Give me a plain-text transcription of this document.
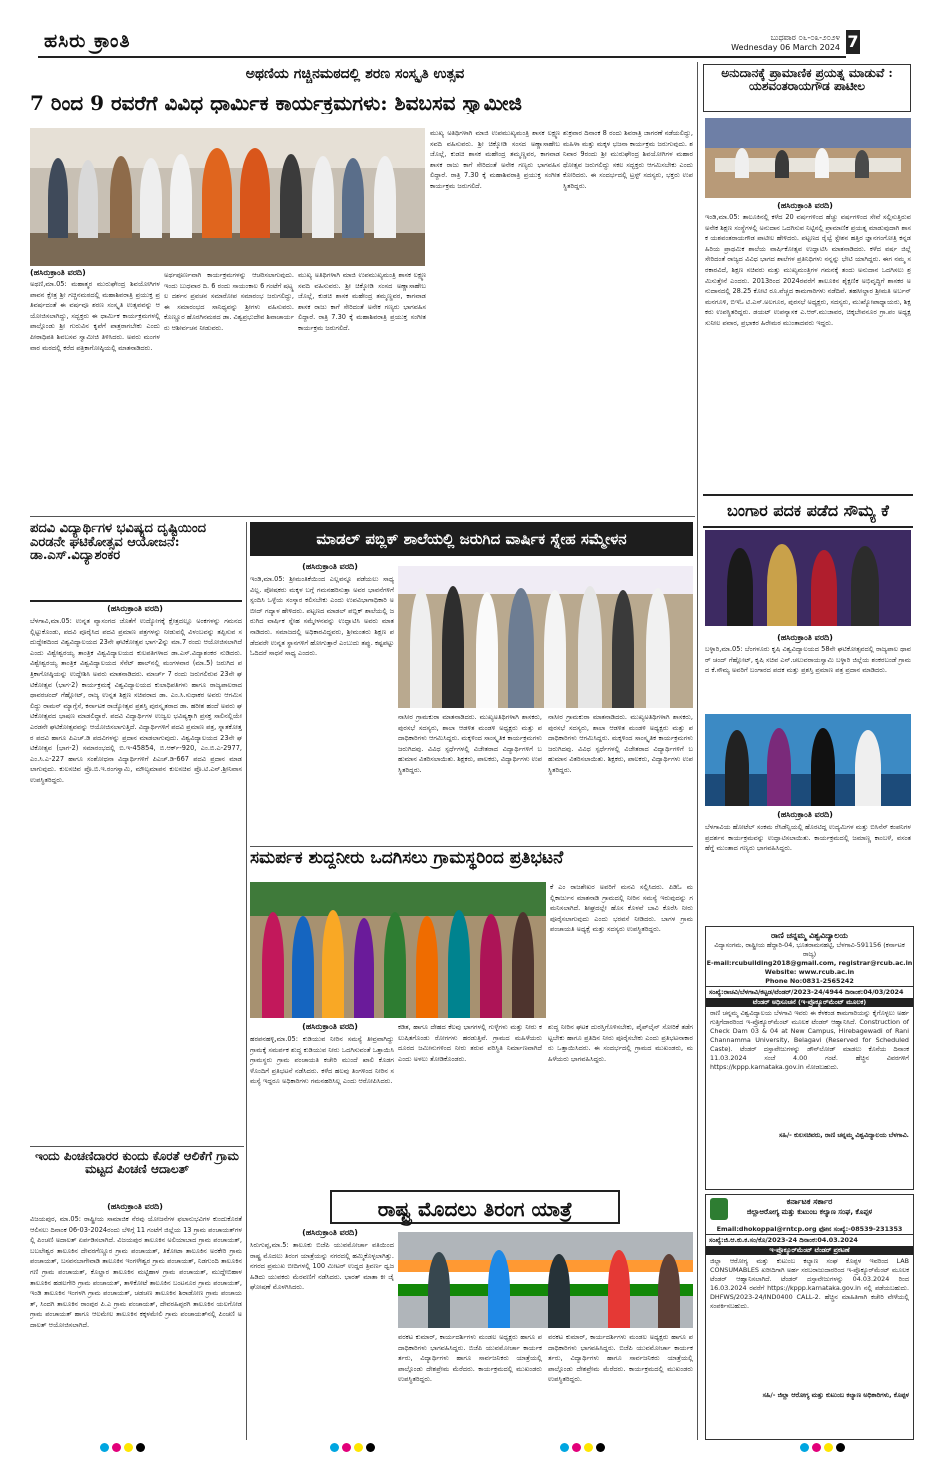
ಹಸಿರು ಕ್ರಾಂತಿ	ಬುಧವಾರ ೦೬-೦೩-೨೦೨೪
Wednesday 06 March 2024 7
ಅಥಣಿಯ ಗಚ್ಚಿನಮಠದಲ್ಲಿ ಶರಣ ಸಂಸ್ಕೃತಿ ಉತ್ಸವ
7 ರಿಂದ 9 ರವರೆಗೆ ವಿವಿಧ ಧಾರ್ಮಿಕ ಕಾರ್ಯಕ್ರಮಗಳು: ಶಿವಬಸವ ಸ್ವಾಮೀಜಿ
ಮುಖ್ಯ ಅತಿಥಿಗಳಾಗಿ ಮಾಜಿ ಉಪಮುಖ್ಯಮಂತ್ರಿ ಶಾಸಕ ಲಕ್ಷ್ಮಣ ಸವದಿ ವಹಿಸುವರು. ಶ್ರೀ ಚಿಕ್ಕೋಡಿ ಸಂಸದ ಅಣ್ಣಾಸಾಹೇಬ ಜೊಲ್ಲೆ, ಕುಡಚಿ ಶಾಸಕ ಮಹೇಂದ್ರ ತಮ್ಮಣ್ಣವರ, ಕಾಗವಾಡ ಶಾಸಕ ರಾಜು ಕಾಗೆ ಸೇರಿದಂತೆ ಅನೇಕ ಗಣ್ಯರು ಭಾಗವಹಿಸಲಿದ್ದಾರೆ. ರಾತ್ರಿ 7.30 ಕ್ಕೆ ಮಹಾಶಿವರಾತ್ರಿ ಪ್ರಯುಕ್ತ ಸಂಗೀತ ಕಾರ್ಯಕ್ರಮ ಜರುಗಲಿದೆ.
ಶುಕ್ರವಾರ ದಿನಾಂಕ 8 ರಂದು ಶಿವರಾತ್ರಿ ಜಾಗರಣೆ ನಡೆಯಲಿದ್ದು, ಮಹಿಳಾ ಮತ್ತು ಮಕ್ಕಳ ಭಜನಾ ಕಾರ್ಯಕ್ರಮ ಜರುಗುವುದು. ಶನಿವಾರ 9ರಂದು ಶ್ರೀ ಮುರುಘೇಂದ್ರ ಶಿವಯೋಗಿಗಳ ಮಹಾರಥೋತ್ಸವ ಜರುಗಲಿದ್ದು ಸಕಲ ಸದ್ಭಕ್ತರು ಆಗಮಿಸಬೇಕು ಎಂದು ಕೋರಿದರು. ಈ ಸಂದರ್ಭದಲ್ಲಿ ಟ್ರಸ್ಟ್ ಸದಸ್ಯರು, ಭಕ್ತರು ಉಪಸ್ಥಿತರಿದ್ದರು.
(ಹಸಿರುಕ್ರಾಂತಿ ವರದಿ)
ಅಥಣಿ,ಮಾ.05: ಮಹಾತ್ಮರ ಮುರುಘೇಂದ್ರ ಶಿವಯೋಗಿಗಳ ಪಾವನ ಕ್ಷೇತ್ರ ಶ್ರೀ ಗಚ್ಚಿನಮಠದಲ್ಲಿ ಮಹಾಶಿವರಾತ್ರಿ ಪ್ರಯುಕ್ತ ಪ್ರತಿವರ್ಷದಂತೆ ಈ ವರ್ಷವೂ ಶರಣ ಸಂಸ್ಕೃತಿ ಉತ್ಸವವನ್ನು ಆಯೋಜಿಸಲಾಗಿದ್ದು, ಸದ್ಭಕ್ತರು ಈ ಧಾರ್ಮಿಕ ಕಾರ್ಯಕ್ರಮಗಳಲ್ಲಿ ಪಾಲ್ಗೊಂಡು ಶ್ರೀ ಗುರುವಿನ ಕೃಪೆಗೆ ಪಾತ್ರರಾಗಬೇಕು ಎಂದು ಪೀಠಾಧಿಪತಿ ಶಿವಬಸವ ಸ್ವಾಮೀಜಿ ತಿಳಿಸಿದರು. ಅವರು ಮಂಗಳವಾರ ಮಠದಲ್ಲಿ ಕರೆದ ಪತ್ರಿಕಾಗೋಷ್ಠಿಯಲ್ಲಿ ಮಾತನಾಡಿದರು.
ಅರ್ಥಪೂರ್ಣವಾಗಿ ಕಾರ್ಯಕ್ರಮಗಳನ್ನು ಆಚರಿಸಲಾಗುವುದು. ಇಂದು ಬುಧವಾರ ದಿ. 6 ರಂದು ಸಾಯಂಕಾಲ 6 ಗಂಟೆಗೆ ಷಟ್ಸ್ಥಲ ದರ್ಶನ ಪ್ರವಚನ ಸಮಾರೋಪ ಸಮಾರಂಭ ಜರುಗಲಿದ್ದು, ಈ ಸಮಾರಂಭದ ಸಾನಿಧ್ಯವನ್ನು ಶ್ರೀಗಳು ವಹಿಸುವರು. ಕೊಣ್ಣೂರ ಹೊರಗಿನಮಠದ ಡಾ. ವಿಶ್ವಪ್ರಭುದೇವ ಶಿವಾಚಾರ್ಯರು ಆಶೀರ್ವಚನ ನೀಡುವರು.
ಮುಖ್ಯ ಅತಿಥಿಗಳಾಗಿ ಮಾಜಿ ಉಪಮುಖ್ಯಮಂತ್ರಿ ಶಾಸಕ ಲಕ್ಷ್ಮಣ ಸವದಿ ವಹಿಸುವರು. ಶ್ರೀ ಚಿಕ್ಕೋಡಿ ಸಂಸದ ಅಣ್ಣಾಸಾಹೇಬ ಜೊಲ್ಲೆ, ಕುಡಚಿ ಶಾಸಕ ಮಹೇಂದ್ರ ತಮ್ಮಣ್ಣವರ, ಕಾಗವಾಡ ಶಾಸಕ ರಾಜು ಕಾಗೆ ಸೇರಿದಂತೆ ಅನೇಕ ಗಣ್ಯರು ಭಾಗವಹಿಸಲಿದ್ದಾರೆ. ರಾತ್ರಿ 7.30 ಕ್ಕೆ ಮಹಾಶಿವರಾತ್ರಿ ಪ್ರಯುಕ್ತ ಸಂಗೀತ ಕಾರ್ಯಕ್ರಮ ಜರುಗಲಿದೆ.
ಅನುದಾನಕ್ಕೆ ಪ್ರಾಮಾಣಿಕ ಪ್ರಯತ್ನ ಮಾಡುವೆ : ಯಶವಂತರಾಯಗೌಡ ಪಾಟೀಲ
(ಹಸಿರುಕ್ರಾಂತಿ ವರದಿ)
ಇಂಡಿ,ಮಾ.05: ತಾಲೂಕಿನಲ್ಲಿ ಕಳೆದ 20 ವರ್ಷಗಳಿಂದ ಹೆಚ್ಚು ವರ್ಷಗಳಿಂದ ಸೇವೆ ಸಲ್ಲಿಸುತ್ತಿರುವ ಅನೇಕ ಶಿಕ್ಷಣ ಸಂಸ್ಥೆಗಳಲ್ಲಿ ಅನುದಾನ ಒದಗಿಸುವ ನಿಟ್ಟಿನಲ್ಲಿ ಪ್ರಾಮಾಣಿಕ ಪ್ರಯತ್ನ ಮಾಡುವುದಾಗಿ ಶಾಸಕ ಯಶವಂತರಾಯಗೌಡ ಪಾಟೀಲ ಹೇಳಿದರು. ಪಟ್ಟಣದ ರೈಲ್ವೆ ಸ್ಟೇಶನ ಹತ್ತಿರ ಜ್ಞಾನಗಂಗೋತ್ರಿ ಕನ್ನಡ ಹಿರಿಯ ಪ್ರಾಥಮಿಕ ಶಾಲೆಯ ವಾರ್ಷಿಕೋತ್ಸವ ಉದ್ಘಾಟಿಸಿ ಮಾತನಾಡಿದರು. ಕಳೆದ ವರ್ಷ ಜಿಲ್ಲೆ ಸೇರಿದಂತೆ ರಾಜ್ಯದ ವಿವಿಧ ಭಾಗದ ಶಾಲೆಗಳ ಪ್ರತಿನಿಧಿಗಳು ನನ್ನನ್ನು ಭೇಟಿ ಯಾಗಿದ್ದರು. ಈಗ ನಮ್ಮ ಸರಕಾರವಿದೆ, ಶಿಕ್ಷಣ ಸಚಿವರು ಮತ್ತು ಮುಖ್ಯಮಂತ್ರಿಗಳ ಗಮನಕ್ಕೆ ತಂದು ಅನುದಾನ ಒದಗಿಸಲು ಶ್ರಮಿಸುತ್ತೇನೆ ಎಂದರು. 2013ರಿಂದ 2024ರವರೆಗೆ ತಾಲೂಕಿನ ಶೈಕ್ಷಣಿಕ ಅಭಿವೃದ್ಧಿಗೆ ಶಾಸಕರ ಅನುದಾನದಲ್ಲಿ 28.25 ಕೋಟಿ ರೂ.ವೆಚ್ಚದ ಕಾಮಗಾರಿಗಳು ನಡೆದಿವೆ. ತಹಸೀಲ್ದಾರ ಶ್ರೀಮತಿ ಅರ್ಬನ್ ಮನಗೂಳಿ, ಬಿಇಓ ಟಿ.ಎಸ್.ಅಲಗೂರ, ಪುರಸಭೆ ಅಧ್ಯಕ್ಷರು, ಸದಸ್ಯರು, ಮುಖ್ಯೋಪಾಧ್ಯಾಯರು, ಶಿಕ್ಷಕರು ಉಪಸ್ಥಿತರಿದ್ದರು. ಡಯಟ್ ಉಪನ್ಯಾಸಕ ಎ.ಆರ್.ಮುಜಾವರ, ಚಿಕ್ಕಬೇವನೂರ ಗ್ರಾ.ಪಂ ಅಧ್ಯಕ್ಷ ಸುನೀಲ ಪವಾರ, ಪ್ರಭಾಕರ ಹಿರೇಮಠ ಮುಂತಾದವರು ಇದ್ದರು.
ಬಂಗಾರ ಪದಕ ಪಡೆದ ಸೌಮ್ಯ ಕೆ
(ಹಸಿರುಕ್ರಾಂತಿ ವರದಿ)
ಬಳ್ಳಾರಿ,ಮಾ.05: ಬೆಂಗಳೂರು ಕೃಷಿ ವಿಶ್ವವಿದ್ಯಾಲಯದ 58ನೇ ಘಟಿಕೋತ್ಸವದಲ್ಲಿ ರಾಜ್ಯಪಾಲ ಥಾವರ್ ಚಂದ್ ಗೆಹ್ಲೋಟ್, ಕೃಷಿ ಸಚಿವ ಎನ್.ಚಲುವರಾಯಸ್ವಾಮಿ ಬಳ್ಳಾರಿ ಜಿಲ್ಲೆಯ ಶಂಕರಬಂಡೆ ಗ್ರಾಮದ ಕೆ.ಸೌಮ್ಯ ಅವರಿಗೆ ಬಂಗಾರದ ಪದಕ ಮತ್ತು ಪ್ರಶಸ್ತಿ ಪ್ರಮಾಣ ಪತ್ರ ಪ್ರದಾನ ಮಾಡಿದರು.
(ಹಸಿರುಕ್ರಾಂತಿ ವರದಿ)
ಬೆಳಗಾವಿಯ ಹೋಟೆಲ್ ಸಂಕಮ ರೆಸಿಡೆನ್ಸಿಯಲ್ಲಿ ಹೊರಟಿದ್ದ ಉದ್ಯಮಿಗಳ ಮತ್ತು ಬಿಸಿನೆಸ್ ಕಂಪನಿಗಳ ಪ್ರದರ್ಶನ ಕಾರ್ಯಕ್ರಮವನ್ನು ಉದ್ಘಾಟಿಸಲಾಯಿತು. ಕಾರ್ಯಕ್ರಮದಲ್ಲಿ ಜಮಾಣ್ಣ ಕಾಂಬಳೆ, ವಸಂತ ಹೆಗ್ಡೆ ಮುಂತಾದ ಗಣ್ಯರು ಭಾಗವಹಿಸಿದ್ದರು.
ರಾಣಿ ಚನ್ನಮ್ಮ ವಿಶ್ವವಿದ್ಯಾಲಯ
ವಿದ್ಯಾಸಂಗಮ, ರಾಷ್ಟ್ರೀಯ ಹೆದ್ದಾರಿ-04, ಭೂತರಾಮನಹಟ್ಟಿ, ಬೆಳಗಾವಿ-591156 (ಕರ್ನಾಟಕ ರಾಜ್ಯ)
E-mail:rcubuilding2018@gmail.com, registrar@rcub.ac.in
Website: www.rcub.ac.in
Phone No:0831-2565242
ಸಂಖ್ಯೆ:ರಾಚವಿ/ಬೆಳಗಾವಿ/ಕಟ್ಟಡ/ಟೆಂಡರ್/2023-24/4944 ದಿನಾಂಕ:04/03/2024
ಟೆಂಡರ್ ಅಧಿಸೂಚನೆ (ಇ-ಪ್ರೊಕ್ಯೂರ್‌ಮೆಂಟ್ ಮೂಲಕ)
ರಾಣಿ ಚನ್ನಮ್ಮ ವಿಶ್ವವಿದ್ಯಾಲಯ ಬೆಳಗಾವಿ ಇವರು ಈ ಕೆಳಕಂಡ ಕಾಮಗಾರಿಯನ್ನು ಕೈಗೊಳ್ಳಲು ಅರ್ಹ ಗುತ್ತಿಗೆದಾರರಿಂದ ಇ-ಪ್ರೊಕ್ಯೂರ್‌ಮೆಂಟ್ ಮೂಲಕ ಟೆಂಡರ್ ಆಹ್ವಾನಿಸಿದೆ. Construction of Check Dam 03 & 04 at New Campus, Hirebagewadi of Rani Channamma University, Belagavi (Reserved for Scheduled Caste). ಟೆಂಡರ್ ದಸ್ತಾವೇಜುಗಳನ್ನು ಡೌನ್‌ಲೋಡ್ ಮಾಡಲು ಕೊನೆಯ ದಿನಾಂಕ 11.03.2024 ಸಂಜೆ 4.00 ಗಂಟೆ. ಹೆಚ್ಚಿನ ವಿವರಗಳಿಗೆ https://kppp.karnataka.gov.in ನೋಡಬಹುದು.
ಸಹಿ/- ಕುಲಸಚಿವರು, ರಾಣಿ ಚನ್ನಮ್ಮ ವಿಶ್ವವಿದ್ಯಾಲಯ ಬೆಳಗಾವಿ.
ಕರ್ನಾಟಕ ಸರ್ಕಾರ
ಜಿಲ್ಲಾಆರೋಗ್ಯ ಮತ್ತು ಕುಟುಂಬ ಕಲ್ಯಾಣ ಸಂಘ, ಕೊಪ್ಪಳ
Email:dhokoppal@rntcp.org ಫೋನ ಸಂಖ್ಯೆ:-08539-231353
ಸಂಖ್ಯೆ:ಜಿ.ಆ.ಕು.ಕ.ಸಂ/ಕೊ/2023-24 ದಿನಾಂಕ:04.03.2024
ಇ-ಪ್ರೊಕ್ಯೂರ್‌ಮೆಂಟ್ ಟೆಂಡರ್ ಪ್ರಕಟಣೆ
ಜಿಲ್ಲಾ ಆರೋಗ್ಯ ಮತ್ತು ಕುಟುಂಬ ಕಲ್ಯಾಣ ಸಂಘ ಕೊಪ್ಪಳ ಇವರಿಂದ LAB CONSUMABLES ಖರೀದಿಗಾಗಿ ಅರ್ಹ ಸರಬರಾಜುದಾರರಿಂದ ಇ-ಪ್ರೊಕ್ಯೂರ್‌ಮೆಂಟ್ ಮೂಲಕ ಟೆಂಡರ್ ಆಹ್ವಾನಿಸಲಾಗಿದೆ. ಟೆಂಡರ್ ದಸ್ತಾವೇಜುಗಳನ್ನು 04.03.2024 ರಿಂದ 16.03.2024 ರವರೆಗೆ https://kppp.karnataka.gov.in ನಲ್ಲಿ ಪಡೆಯಬಹುದು. DHFWS/2023-24/IND0400 CALL-2. ಹೆಚ್ಚಿನ ಮಾಹಿತಿಗಾಗಿ ಕಚೇರಿ ವೇಳೆಯಲ್ಲಿ ಸಂಪರ್ಕಿಸಬಹುದು.
ಸಹಿ/- ಜಿಲ್ಲಾ ಆರೋಗ್ಯ ಮತ್ತು ಕುಟುಂಬ ಕಲ್ಯಾಣ ಅಧಿಕಾರಿಗಳು, ಕೊಪ್ಪಳ
ಪದವಿ ವಿದ್ಯಾರ್ಥಿಗಳ ಭವಿಷ್ಯದ ದೃಷ್ಟಿಯಿಂದ ಎರಡನೇ ಘಟಿಕೋತ್ಸವ ಆಯೋಜನೆ: ಡಾ.ಎಸ್.ವಿದ್ಯಾಶಂಕರ
(ಹಸಿರುಕ್ರಾಂತಿ ವರದಿ)
ಬೆಳಗಾವಿ,ಮಾ.05: ಉನ್ನತ ವ್ಯಾಸಂಗದ ಜೊತೆಗೆ ಉದ್ಯೋಗಕ್ಕೆ ಕ್ಷೇತ್ರದಲ್ಲೂ ಅಂಕಗಳನ್ನು ಗಮನದಲ್ಲಿಟ್ಟುಕೊಂಡು, ಪದವಿ ಪೂರೈಸಿದ ಪದವಿ ಪ್ರಮಾಣ ಪತ್ರಗಳನ್ನು ನೀಡುವಲ್ಲಿ ವಿಳಂಬವನ್ನು ತಪ್ಪಿಸುವ ಸದುದ್ದೇಶದಿಂದ ವಿಶ್ವವಿದ್ಯಾಲಯದ 23ನೇ ಘಟಿಕೋತ್ಸವ ಭಾಗ-2ನ್ನು ಮಾ.7 ರಂದು ಆಯೋಜಿಸಲಾಗಿದೆ ಎಂದು ವಿಶ್ವೇಶ್ವರಯ್ಯ ತಾಂತ್ರಿಕ ವಿಶ್ವವಿದ್ಯಾಲಯದ ಕುಲಪತಿಗಳಾದ ಡಾ.ಎಸ್.ವಿದ್ಯಾಶಂಕರ ನುಡಿದರು. ವಿಶ್ವೇಶ್ವರಯ್ಯ ತಾಂತ್ರಿಕ ವಿಶ್ವವಿದ್ಯಾಲಯದ ಸೆನೆಟ್ ಹಾಲ್‌ನಲ್ಲಿ ಮಂಗಳವಾರ (ಮಾ.5) ಜರುಗಿದ ಪತ್ರಿಕಾಗೋಷ್ಠಿಯನ್ನು ಉದ್ದೇಶಿಸಿ ಅವರು ಮಾತನಾಡಿದರು. ಮಾರ್ಚ್ 7 ರಂದು ಜರುಗಲಿರುವ 23ನೇ ಘಟಿಕೋತ್ಸವ (ಭಾಗ-2) ಕಾರ್ಯಕ್ರಮಕ್ಕೆ ವಿಶ್ವವಿದ್ಯಾಲಯದ ಕುಲಾಧಿಪತಿಗಳು ಹಾಗೂ ರಾಜ್ಯಪಾಲರಾದ ಥಾವರಚಂದ್ ಗೆಹ್ಲೋಟ್, ರಾಜ್ಯ ಉನ್ನತ ಶಿಕ್ಷಣ ಸಚಿವರಾದ ಡಾ. ಎಂ.ಸಿ.ಸುಧಾಕರ ಅವರು ಆಗಮಿಸಲಿದ್ದು ರಾಮನ್ ಮ್ಯಾಗ್ಸೆಸೆ, ಕರ್ನಾಟಕ ರಾಜ್ಯೋತ್ಸವ ಪ್ರಶಸ್ತಿ ಪುರಸ್ಕೃತರಾದ ಡಾ. ಹರೀಶ ಹಂದೆ ಅವರು ಘಟಿಕೋತ್ಸವದ ಭಾಷಣ ಮಾಡಲಿದ್ದಾರೆ. ಪದವಿ ವಿದ್ಯಾರ್ಥಿಗಳ ಉಜ್ವಲ ಭವಿಷ್ಯಕ್ಕಾಗಿ ಪ್ರಸಕ್ತ ಸಾಲಿನಲ್ಲಿಯೇ ಎರಡನೇ ಘಟಿಕೋತ್ಸವವನ್ನು ಆಯೋಜಿಸಲಾಗುತ್ತಿದೆ. ವಿದ್ಯಾರ್ಥಿಗಳಿಗೆ ಪದವಿ ಪ್ರಮಾಣ ಪತ್ರ, ಸ್ನಾತಕೋತ್ತರ ಪದವಿ ಹಾಗೂ ಪಿಎಚ್.ಡಿ ಪದವಿಗಳನ್ನು ಪ್ರದಾನ ಮಾಡಲಾಗುವುದು. ವಿಶ್ವವಿದ್ಯಾಲಯದ 23ನೇ ಘಟಿಕೋತ್ಸವ (ಭಾಗ-2) ಸಮಾರಂಭದಲ್ಲಿ ಬಿ.ಇ-45854, ಬಿ.ಆರ್ಕ್-920, ಎಂ.ಬಿ.ಎ-2977, ಎಂ.ಸಿ.ಎ-227 ಹಾಗೂ ಸಂಶೋಧನಾ ವಿದ್ಯಾರ್ಥಿಗಳಿಗೆ ಪಿಎಚ್.ಡಿ-667 ಪದವಿ ಪ್ರದಾನ ಮಾಡಲಾಗುವುದು. ಕುಲಸಚಿವ ಪ್ರೊ.ಬಿ.ಇ.ರಂಗಸ್ವಾಮಿ, ಮೌಲ್ಯಮಾಪನ ಕುಲಸಚಿವ ಪ್ರೊ.ಟಿ.ಎನ್.ಶ್ರೀನಿವಾಸ ಉಪಸ್ಥಿತರಿದ್ದರು.
ಇಂದು ಪಿಂಚಣಿದಾರರ ಕುಂದು ಕೊರತೆ ಆಲಿಕೆಗೆ ಗ್ರಾಮ ಮಟ್ಟದ ಪಿಂಚಣಿ ಆದಾಲತ್
(ಹಸಿರುಕ್ರಾಂತಿ ವರದಿ)
ವಿಜಯಪುರ, ಮಾ.05: ರಾಷ್ಟ್ರೀಯ ಸಾಮಾಜಿಕ ನೆರವು ಯೋಜನೆಗಳ ಫಲಾನುಭವಿಗಳ ಕುಂದುಕೊರತೆ ಆಲಿಸಲು ದಿನಾಂಕ 06-03-2024ರಂದು ಬೆಳಿಗ್ಗೆ 11 ಗಂಟೆಗೆ ಜಿಲ್ಲೆಯ 13 ಗ್ರಾಮ ಪಂಚಾಯತ್‌ಗಳಲ್ಲಿ ಪಿಂಚಣಿ ಅದಾಲತ್ ಏರ್ಪಡಿಸಲಾಗಿದೆ. ವಿಜಯಪುರ ತಾಲೂಕಿನ ಅಲಿಯಾಬಾದ ಗ್ರಾಮ ಪಂಚಾಯತ್, ಬಬಲೇಶ್ವರ ತಾಲೂಕಿನ ದೇವರಗೆಣ್ಣೂರ ಗ್ರಾಮ ಪಂಚಾಯತ್, ತಿಕೋಟಾ ತಾಲೂಕಿನ ಅರಕೇರಿ ಗ್ರಾಮ ಪಂಚಾಯತ್, ಬಸವನಬಾಗೇವಾಡಿ ತಾಲೂಕಿನ ಇಂಗಳೇಶ್ವರ ಗ್ರಾಮ ಪಂಚಾಯತ್, ನಿಡಗುಂದಿ ತಾಲೂಕಿನ ಗಣಿ ಗ್ರಾಮ ಪಂಚಾಯತ್, ಕೊಲ್ಹಾರ ತಾಲೂಕಿನ ಮಟ್ಟಿಹಾಳ ಗ್ರಾಮ ಪಂಚಾಯತ್, ಮುದ್ದೇಬಿಹಾಳ ತಾಲೂಕಿನ ಹಡಲಗೇರಿ ಗ್ರಾಮ ಪಂಚಾಯತ್, ತಾಳಿಕೋಟೆ ತಾಲೂಕಿನ ಬಂಟನೂರ ಗ್ರಾಮ ಪಂಚಾಯತ್, ಇಂಡಿ ತಾಲೂಕಿನ ಇಂಗಳಗಿ ಗ್ರಾಮ ಪಂಚಾಯತ್, ಚಡಚಣ ತಾಲೂಕಿನ ಶಿರಾಡೋಣ ಗ್ರಾಮ ಪಂಚಾಯತ್, ಸಿಂದಗಿ ತಾಲೂಕಿನ ರಾಂಪುರ ಪಿ.ಎ ಗ್ರಾಮ ಪಂಚಾಯತ್, ದೇವರಹಿಪ್ಪರಗಿ ತಾಲೂಕಿನ ಯಲಗೋಡ ಗ್ರಾಮ ಪಂಚಾಯತ್ ಹಾಗೂ ಆಲಮೇಲ ತಾಲೂಕಿನ ಕಕ್ಕಳಮೇಲಿ ಗ್ರಾಮ ಪಂಚಾಯತ್‌ನಲ್ಲಿ ಪಿಂಚಣಿ ಅದಾಲತ್ ಆಯೋಜಿಸಲಾಗಿದೆ.
ಮಾಡಲ್ ಪಬ್ಲಿಕ್ ಶಾಲೆಯಲ್ಲಿ ಜರುಗಿದ ವಾರ್ಷಿಕ ಸ್ನೇಹ ಸಮ್ಮೇಳನ
(ಹಸಿರುಕ್ರಾಂತಿ ವರದಿ)
ಇಂಡಿ,ಮಾ.05: ಶ್ರೀಮಂತಿಕೆಯಿಂದ ಎಲ್ಲವನ್ನೂ ಪಡೆಯಲು ಸಾಧ್ಯವಿಲ್ಲ. ಪೋಷಕರು ಮಕ್ಕಳ ಬಗ್ಗೆ ಗಮನಹರಿಸುತ್ತಾ ಅವರ ಭಾವನೆಗಳಿಗೆ ಸ್ಪಂದಿಸಿ ಒಳ್ಳೆಯ ಸಂಸ್ಕಾರ ಕಲಿಸಬೇಕು ಎಂದು ಉಪವಿಭಾಗಾಧಿಕಾರಿ ಅಬೀದ್ ಗದ್ಯಾಳ ಹೇಳಿದರು. ಪಟ್ಟಣದ ಮಾಡಲ್ ಪಬ್ಲಿಕ್ ಶಾಲೆಯಲ್ಲಿ ಜರುಗಿದ ವಾರ್ಷಿಕ ಸ್ನೇಹ ಸಮ್ಮೇಳನವನ್ನು ಉದ್ಘಾಟಿಸಿ ಅವರು ಮಾತನಾಡಿದರು. ಸಮಾಜದಲ್ಲಿ ಅಧಿಕಾರವಿದ್ದವರು, ಶ್ರೀಮಂತರು ಶಿಕ್ಷಣ ಪಡೆದವರೇ ಉನ್ನತ ಸ್ಥಾನಗಳಿಗೆ ಹೋಗುತ್ತಾರೆ ಎಂಬುದು ತಪ್ಪು. ಕಷ್ಟಪಟ್ಟು ಓದಿದರೆ ಸಾಧನೆ ಸಾಧ್ಯ ಎಂದರು.
ನಾಸೀರ ಗ್ರಾಮಕುರಾ ಮಾತನಾಡಿದರು. ಮುಖ್ಯಅತಿಥಿಗಳಾಗಿ ಶಾಸಕರು, ಪುರಸಭೆ ಸದಸ್ಯರು, ಶಾಲಾ ಆಡಳಿತ ಮಂಡಳಿ ಅಧ್ಯಕ್ಷರು ಮತ್ತು ಪದಾಧಿಕಾರಿಗಳು ಆಗಮಿಸಿದ್ದರು. ಮಕ್ಕಳಿಂದ ಸಾಂಸ್ಕೃತಿಕ ಕಾರ್ಯಕ್ರಮಗಳು ಜರುಗಿದವು. ವಿವಿಧ ಸ್ಪರ್ಧೆಗಳಲ್ಲಿ ವಿಜೇತರಾದ ವಿದ್ಯಾರ್ಥಿಗಳಿಗೆ ಬಹುಮಾನ ವಿತರಿಸಲಾಯಿತು. ಶಿಕ್ಷಕರು, ಪಾಲಕರು, ವಿದ್ಯಾರ್ಥಿಗಳು ಉಪಸ್ಥಿತರಿದ್ದರು.
ನಾಸೀರ ಗ್ರಾಮಕುರಾ ಮಾತನಾಡಿದರು. ಮುಖ್ಯಅತಿಥಿಗಳಾಗಿ ಶಾಸಕರು, ಪುರಸಭೆ ಸದಸ್ಯರು, ಶಾಲಾ ಆಡಳಿತ ಮಂಡಳಿ ಅಧ್ಯಕ್ಷರು ಮತ್ತು ಪದಾಧಿಕಾರಿಗಳು ಆಗಮಿಸಿದ್ದರು. ಮಕ್ಕಳಿಂದ ಸಾಂಸ್ಕೃತಿಕ ಕಾರ್ಯಕ್ರಮಗಳು ಜರುಗಿದವು. ವಿವಿಧ ಸ್ಪರ್ಧೆಗಳಲ್ಲಿ ವಿಜೇತರಾದ ವಿದ್ಯಾರ್ಥಿಗಳಿಗೆ ಬಹುಮಾನ ವಿತರಿಸಲಾಯಿತು. ಶಿಕ್ಷಕರು, ಪಾಲಕರು, ವಿದ್ಯಾರ್ಥಿಗಳು ಉಪಸ್ಥಿತರಿದ್ದರು.
ಸಮರ್ಪಕ ಶುದ್ದನೀರು ಒದಗಿಸಲು ಗ್ರಾಮಸ್ಥರಿಂದ ಪ್ರತಿಭಟನೆ
ಕೆ ಎಂ ರಾಜಶೇಖರ ಅವರಿಗೆ ಮನವಿ ಸಲ್ಲಿಸಿದರು. ಪಿಡಿಓ ಮಲ್ಲಿಕಾರ್ಜುನ ಮಾತನಾಡಿ ಗ್ರಾಮದಲ್ಲಿ ನೀರಿನ ಸಮಸ್ಯೆ ಇರುವುದನ್ನು ಗಮನಿಸಲಾಗಿದೆ. ಶೀಘ್ರದಲ್ಲೇ ಹೊಸ ಕೊಳವೆ ಬಾವಿ ಕೊರೆಸಿ ನೀರು ಪೂರೈಸಲಾಗುವುದು ಎಂದು ಭರವಸೆ ನೀಡಿದರು. ಬಾಗಳ ಗ್ರಾಮ ಪಂಚಾಯತಿ ಅಧ್ಯಕ್ಷೆ ಮತ್ತು ಸದಸ್ಯರು ಉಪಸ್ಥಿತರಿದ್ದರು.
(ಹಸಿರುಕ್ರಾಂತಿ ವರದಿ)
ಹರಪನಹಳ್ಳಿ,ಮಾ.05: ಕುಡಿಯುವ ನೀರಿನ ಸಮಸ್ಯೆ ತೀವ್ರವಾಗಿದ್ದು ಗ್ರಾಮಕ್ಕೆ ಸಮರ್ಪಕ ಶುದ್ಧ ಕುಡಿಯುವ ನೀರು ಒದಗಿಸುವಂತೆ ಒತ್ತಾಯಿಸಿ ಗ್ರಾಮಸ್ಥರು ಗ್ರಾಮ ಪಂಚಾಯತಿ ಕಚೇರಿ ಮುಂದೆ ಖಾಲಿ ಕೊಡಗಳೊಂದಿಗೆ ಪ್ರತಿಭಟನೆ ನಡೆಸಿದರು. ಕಳೆದ ಹಲವು ತಿಂಗಳಿಂದ ನೀರಿನ ಸಮಸ್ಯೆ ಇದ್ದರೂ ಅಧಿಕಾರಿಗಳು ಗಮನಹರಿಸಿಲ್ಲ ಎಂದು ಆರೋಪಿಸಿದರು.
ಕಡಿತ, ಹಾಗೂ ದೇಹದ ಕೆಲವು ಭಾಗಗಳಲ್ಲಿ ಗುಳ್ಳೆಗಳು ಮತ್ತು ನೀರು ಕಲುಷಿತಗೊಂಡು ರೋಗಗಳು ಹರಡುತ್ತಿವೆ. ಗ್ರಾಮದ ಮಹಿಳೆಯರು ದೂರದ ಜಮೀನುಗಳಿಂದ ನೀರು ತರುವ ಪರಿಸ್ಥಿತಿ ನಿರ್ಮಾಣವಾಗಿದೆ ಎಂದು ಅಳಲು ತೋಡಿಕೊಂಡರು.
ಶುದ್ಧ ನೀರಿನ ಘಟಕ ದುರಸ್ತಿಗೊಳಿಸಬೇಕು, ಪೈಪ್‌ಲೈನ್ ಸೋರಿಕೆ ತಡೆಗಟ್ಟಬೇಕು ಹಾಗೂ ಪ್ರತಿದಿನ ನೀರು ಪೂರೈಸಬೇಕು ಎಂದು ಪ್ರತಿಭಟನಾಕಾರರು ಒತ್ತಾಯಿಸಿದರು. ಈ ಸಂದರ್ಭದಲ್ಲಿ ಗ್ರಾಮದ ಮುಖಂಡರು, ಮಹಿಳೆಯರು ಭಾಗವಹಿಸಿದ್ದರು.
ರಾಷ್ಟ್ರ ಮೊದಲು ತಿರಂಗ ಯಾತ್ರೆ
(ಹಸಿರುಕ್ರಾಂತಿ ವರದಿ)
ಸಿರುಗುಪ್ಪ,ಮಾ.5: ತಾಲೂಕು ಬಿಜೆಪಿ ಯುವಮೋರ್ಚಾ ವತಿಯಿಂದ ರಾಷ್ಟ್ರ ಮೊದಲು ತಿರಂಗ ಯಾತ್ರೆಯನ್ನು ನಗರದಲ್ಲಿ ಹಮ್ಮಿಕೊಳ್ಳಲಾಗಿತ್ತು. ನಗರದ ಪ್ರಮುಖ ಬೀದಿಗಳಲ್ಲಿ 100 ಮೀಟರ್ ಉದ್ದದ ತ್ರಿವರ್ಣ ಧ್ವಜ ಹಿಡಿದು ಯುವಕರು ಮೆರವಣಿಗೆ ನಡೆಸಿದರು. ಭಾರತ್ ಮಾತಾ ಕೀ ಜೈ ಘೋಷಣೆ ಮೊಳಗಿಸಿದರು.
ವರಕಟ ಕುಮಾರ್, ಕಾರ್ಯದರ್ಶಿಗಳು ಮಂಡಲ ಅಧ್ಯಕ್ಷರು ಹಾಗೂ ಪದಾಧಿಕಾರಿಗಳು ಭಾಗವಹಿಸಿದ್ದರು. ಬಿಜೆಪಿ ಯುವಮೋರ್ಚಾ ಕಾರ್ಯಕರ್ತರು, ವಿದ್ಯಾರ್ಥಿಗಳು ಹಾಗೂ ಸಾರ್ವಜನಿಕರು ಯಾತ್ರೆಯಲ್ಲಿ ಪಾಲ್ಗೊಂಡು ದೇಶಪ್ರೇಮ ಮೆರೆದರು. ಕಾರ್ಯಕ್ರಮದಲ್ಲಿ ಮುಖಂಡರು ಉಪಸ್ಥಿತರಿದ್ದರು.
ವರಕಟ ಕುಮಾರ್, ಕಾರ್ಯದರ್ಶಿಗಳು ಮಂಡಲ ಅಧ್ಯಕ್ಷರು ಹಾಗೂ ಪದಾಧಿಕಾರಿಗಳು ಭಾಗವಹಿಸಿದ್ದರು. ಬಿಜೆಪಿ ಯುವಮೋರ್ಚಾ ಕಾರ್ಯಕರ್ತರು, ವಿದ್ಯಾರ್ಥಿಗಳು ಹಾಗೂ ಸಾರ್ವಜನಿಕರು ಯಾತ್ರೆಯಲ್ಲಿ ಪಾಲ್ಗೊಂಡು ದೇಶಪ್ರೇಮ ಮೆರೆದರು. ಕಾರ್ಯಕ್ರಮದಲ್ಲಿ ಮುಖಂಡರು ಉಪಸ್ಥಿತರಿದ್ದರು.
